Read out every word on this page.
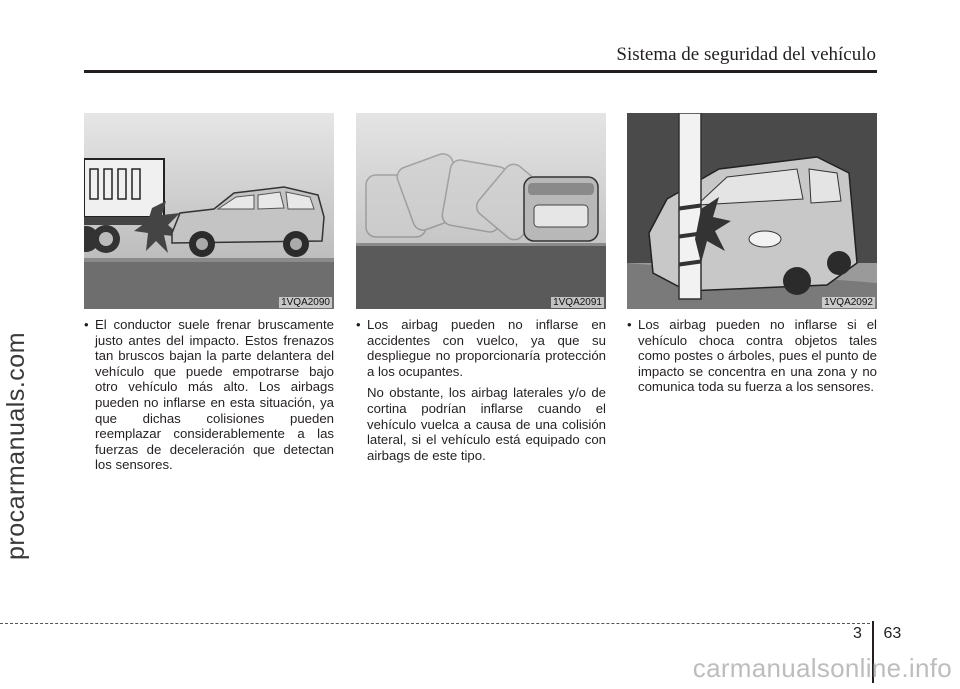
Sistema de seguridad del vehículo
procarmanuals.com
1VQA2090
• El conductor suele frenar bruscamente justo antes del impacto. Estos frenazos tan bruscos bajan la parte delantera del vehículo que puede empotrarse bajo otro vehículo más alto. Los airbags pueden no inflarse en esta situación, ya que dichas colisiones pueden reemplazar considerablemente a las fuerzas de deceleración que detectan los sensores.
1VQA2091
• Los airbag pueden no inflarse en accidentes con vuelco, ya que su despliegue no proporcionaría protección a los ocupantes.
No obstante, los airbag laterales y/o de cortina podrían inflarse cuando el vehículo vuelca a causa de una colisión lateral, si el vehículo está equipado con airbags de este tipo.
1VQA2092
• Los airbag pueden no inflarse si el vehículo choca contra objetos tales como postes o árboles, pues el punto de impacto se concentra en una zona y no comunica toda su fuerza a los sensores.
3 63
carmanualsonline.info
